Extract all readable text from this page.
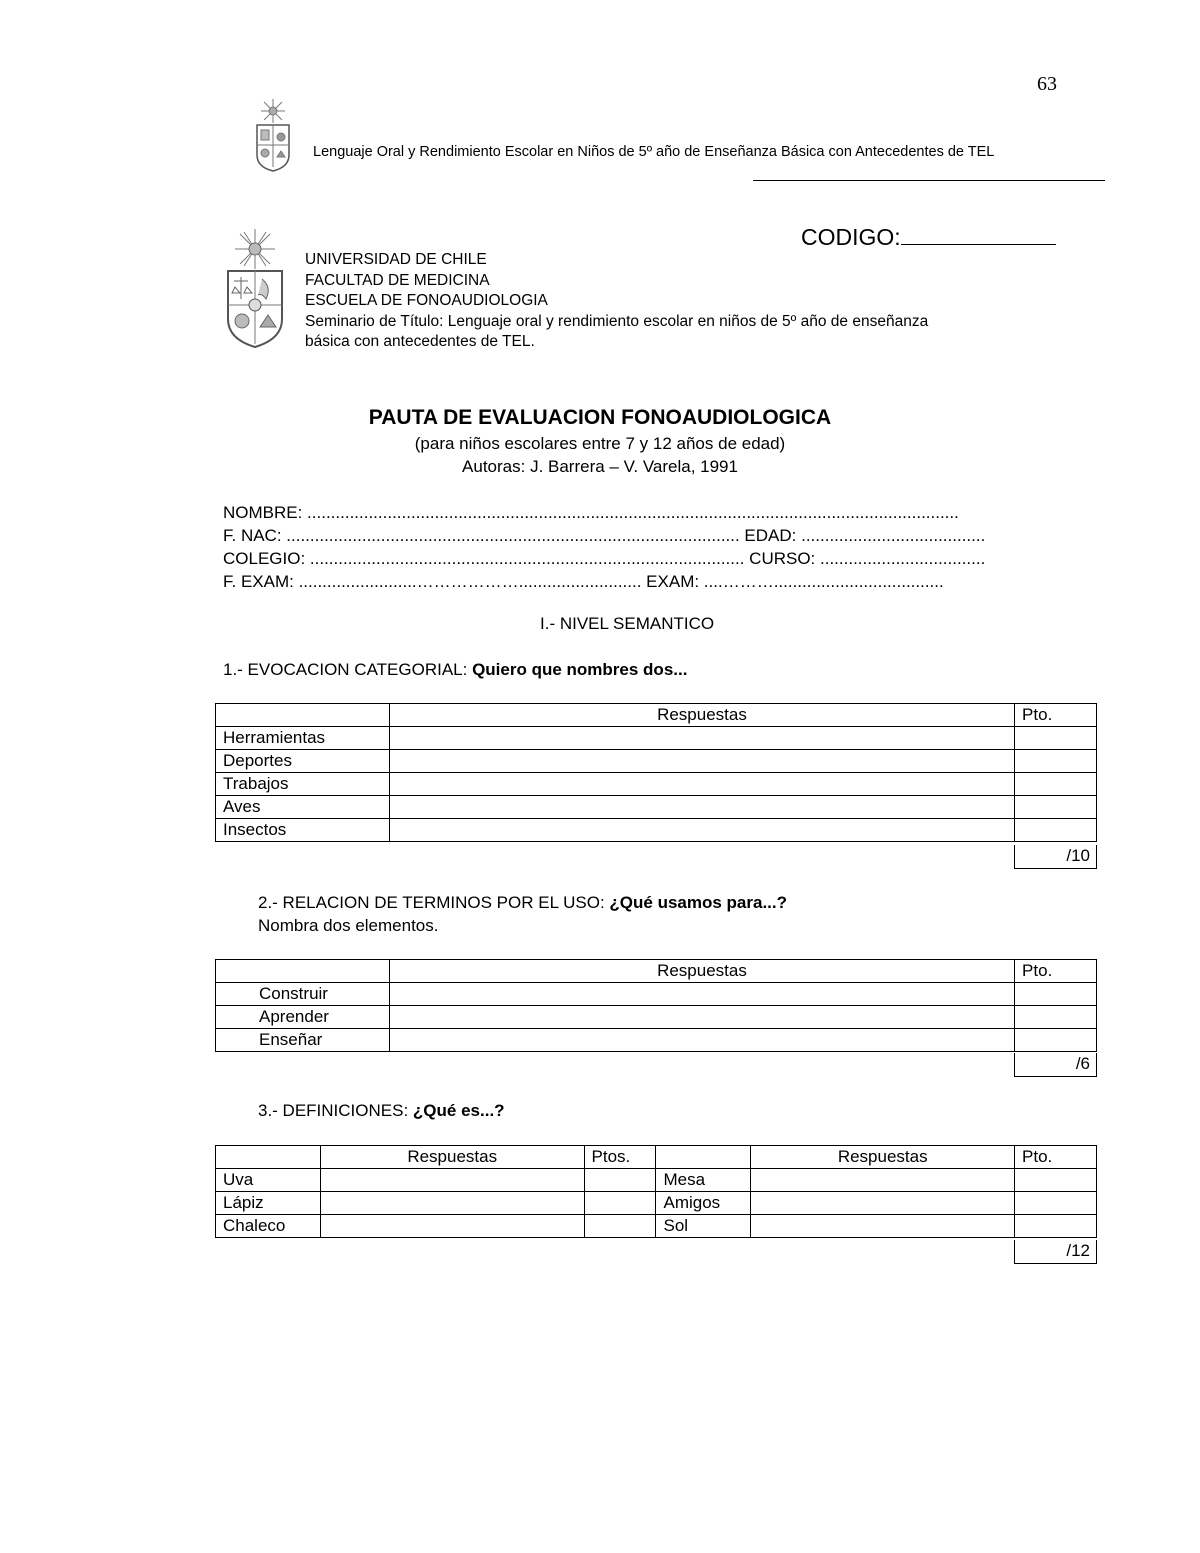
63
Lenguaje Oral y Rendimiento Escolar en Niños de 5º año de Enseñanza Básica con Antecedentes de TEL
CODIGO:
UNIVERSIDAD DE CHILE
FACULTAD DE MEDICINA
ESCUELA DE FONOAUDIOLOGIA
Seminario de Título: Lenguaje oral y rendimiento escolar en niños de 5º año de enseñanza
básica con antecedentes de TEL.
PAUTA DE EVALUACION FONOAUDIOLOGICA
(para niños escolares entre 7 y 12 años de edad)
Autoras: J. Barrera – V. Varela, 1991
NOMBRE: ..........................................................................................................................................
F. NAC: ................................................................................................ EDAD: .......................................
COLEGIO: ............................................................................................ CURSO: ...................................
F. EXAM: .........................……………….......................... EXAM: ....………....................................
I.- NIVEL SEMANTICO
1.- EVOCACION CATEGORIAL: Quiero que nombres dos...
	Respuestas	Pto.
Herramientas		
Deportes		
Trabajos		
Aves		
Insectos		
/10
2.- RELACION DE TERMINOS POR EL USO: ¿Qué usamos para...?
Nombra dos elementos.
	Respuestas	Pto.
Construir		
Aprender		
Enseñar		
/6
3.- DEFINICIONES: ¿Qué es...?
	Respuestas	Ptos.		Respuestas	Pto.
Uva			Mesa		
Lápiz			Amigos		
Chaleco			Sol		
/12
